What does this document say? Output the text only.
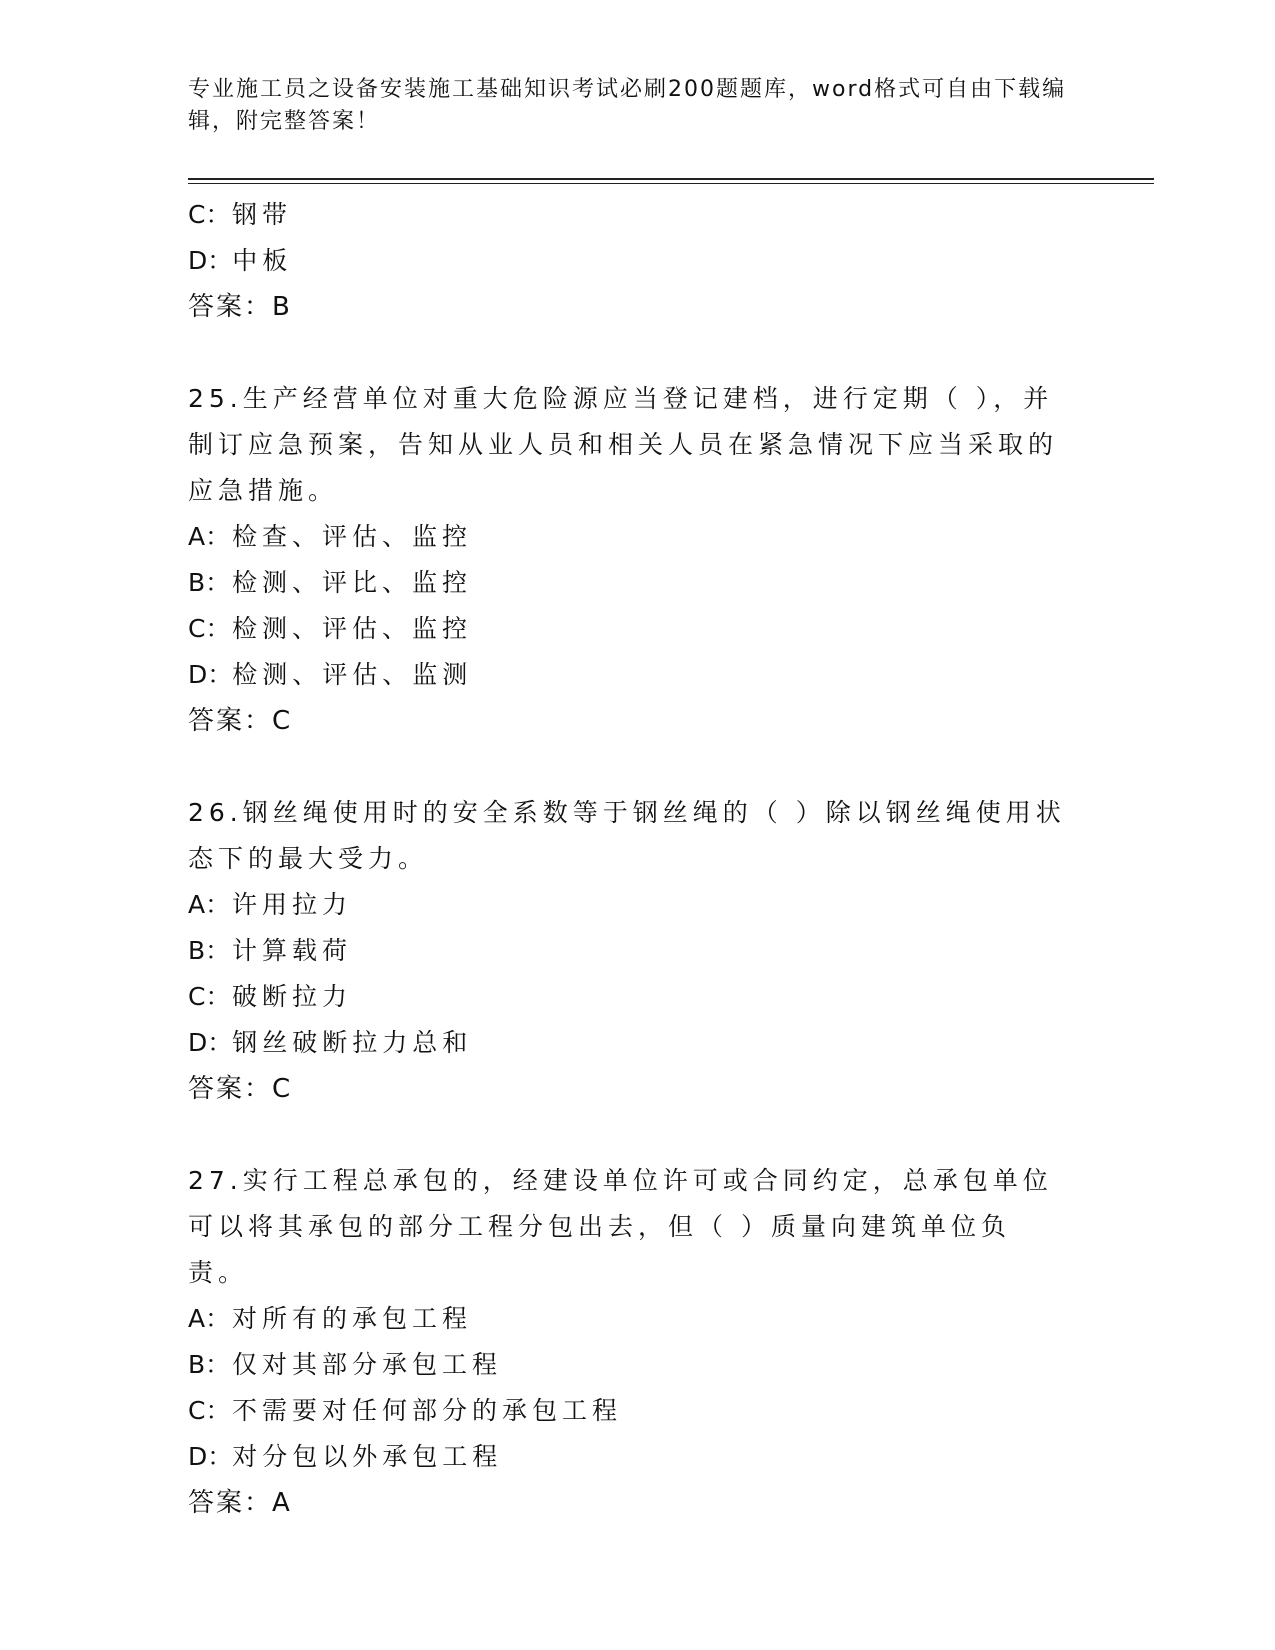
专业施工员之设备安装施工基础知识考试必刷200题题库，word格式可自由下载编辑，附完整答案！
C：钢带
D：中板
答案：B
25.生产经营单位对重大危险源应当登记建档，进行定期（ ），并制订应急预案，告知从业人员和相关人员在紧急情况下应当采取的应急措施。
A：检查、评估、监控
B：检测、评比、监控
C：检测、评估、监控
D：检测、评估、监测
答案：C
26.钢丝绳使用时的安全系数等于钢丝绳的（ ）除以钢丝绳使用状态下的最大受力。
A：许用拉力
B：计算载荷
C：破断拉力
D：钢丝破断拉力总和
答案：C
27.实行工程总承包的，经建设单位许可或合同约定，总承包单位可以将其承包的部分工程分包出去，但（ ）质量向建筑单位负责。
A：对所有的承包工程
B：仅对其部分承包工程
C：不需要对任何部分的承包工程
D：对分包以外承包工程
答案：A
